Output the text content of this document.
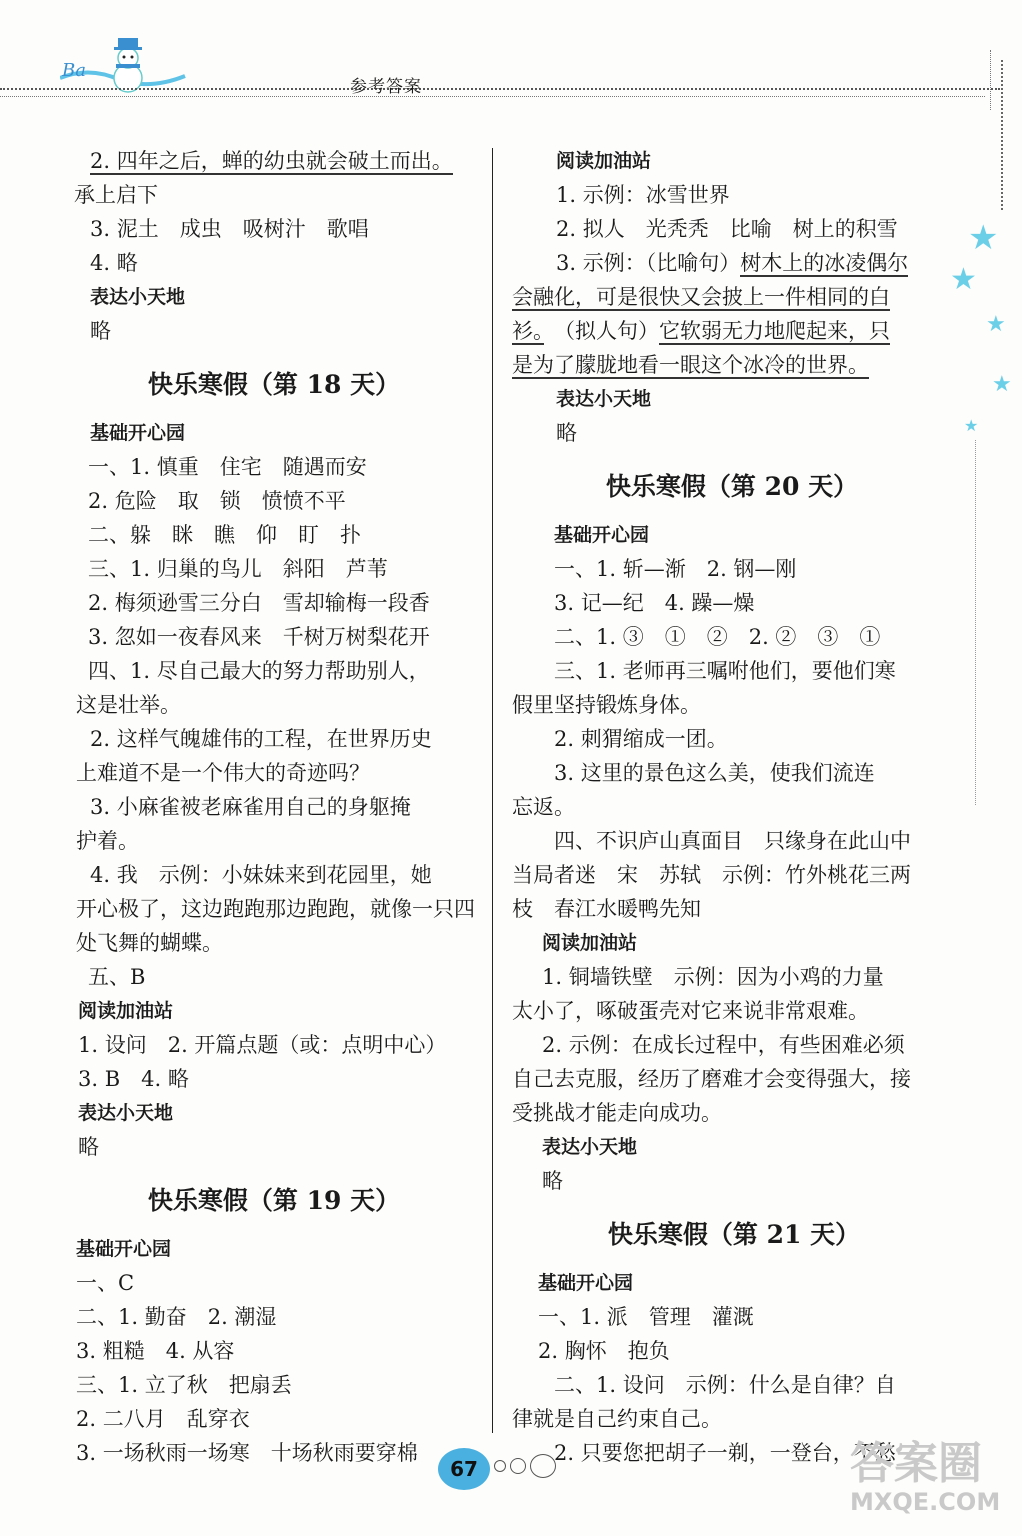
Ba
参考答案
★
★
★
★
★

2. 四年之后，蝉的幼虫就会破土而出。

承上启下

3. 泥土　成虫　吸树汁　歌唱

4. 略

表达小天地

略

快乐寒假（第 18 天）

基础开心园

一、1. 慎重　住宅　随遇而安

2. 危险　取　锁　愤愤不平

二、躲　眯　瞧　仰　盯　扑

三、1. 归巢的鸟儿　斜阳　芦苇

2. 梅须逊雪三分白　雪却输梅一段香

3. 忽如一夜春风来　千树万树梨花开

四、1. 尽自己最大的努力帮助别人，

这是壮举。

2. 这样气魄雄伟的工程，在世界历史

上难道不是一个伟大的奇迹吗？

3. 小麻雀被老麻雀用自己的身躯掩

护着。

4. 我　示例：小妹妹来到花园里，她

开心极了，这边跑跑那边跑跑，就像一只四

处飞舞的蝴蝶。

五、B

阅读加油站

1. 设问　2. 开篇点题（或：点明中心）

3. B　4. 略

表达小天地

略

快乐寒假（第 19 天）

基础开心园

一、C

二、1. 勤奋　2. 潮湿

3. 粗糙　4. 从容

三、1. 立了秋　把扇丢

2. 二八月　乱穿衣

3. 一场秋雨一场寒　十场秋雨要穿棉

阅读加油站

1. 示例：冰雪世界

2. 拟人　光秃秃　比喻　树上的积雪

3. 示例：（比喻句）树木上的冰凌偶尔

会融化，可是很快又会披上一件相同的白

衫。　 （拟人句）它软弱无力地爬起来，只

是为了朦胧地看一眼这个冰冷的世界。

表达小天地

略

快乐寒假（第 20 天）

基础开心园

一、1. 斩—渐　2. 钢—刚

3. 记—纪　4. 躁—燥

二、1. ③　①　②　2. ②　③　①

三、1. 老师再三嘱咐他们，要他们寒

假里坚持锻炼身体。

2. 刺猬缩成一团。

3. 这里的景色这么美，使我们流连

忘返。

四、不识庐山真面目　只缘身在此山中

当局者迷　宋　苏轼　示例：竹外桃花三两

枝　春江水暖鸭先知

阅读加油站

1. 铜墙铁壁　示例：因为小鸡的力量

太小了，啄破蛋壳对它来说非常艰难。

2. 示例：在成长过程中，有些困难必须

自己去克服，经历了磨难才会变得强大，接

受挑战才能走向成功。

表达小天地

略

快乐寒假（第 21 天）

基础开心园

一、1. 派　管理　灌溉

2. 胸怀　抱负

二、1. 设问　示例：什么是自律？自

律就是自己约束自己。

2. 只要您把胡子一剃，一登台，不愁

67	答案圈
MXQE.COM
